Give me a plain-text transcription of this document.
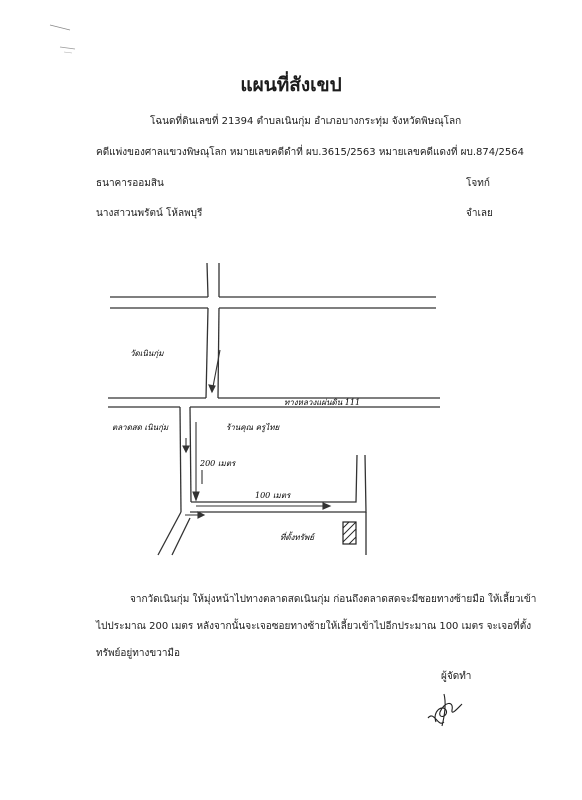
แผนที่สังเขป
โฉนดที่ดินเลขที่ 21394 ตำบลเนินกุ่ม อำเภอบางกระทุ่ม จังหวัดพิษณุโลก
คดีแพ่งของศาลแขวงพิษณุโลก หมายเลขคดีดำที่ ผบ.3615/2563 หมายเลขคดีแดงที่ ผบ.874/2564
ธนาคารออมสิน	โจทก์
นางสาวนพรัตน์ โห้ลพบุรี	จำเลย
วัดเนินกุ่ม
ทางหลวงแผ่นดิน 111
ตลาดสด เนินกุ่ม	ร้านคุณ ครูไทย
200 เมตร
100 เมตร
ที่ตั้งทรัพย์
จากวัดเนินกุ่ม ให้มุ่งหน้าไปทางตลาดสดเนินกุ่ม ก่อนถึงตลาดสดจะมีซอยทางซ้ายมือ ให้เลี้ยวเข้า
ไปประมาณ 200 เมตร หลังจากนั้นจะเจอซอยทางซ้ายให้เลี้ยวเข้าไปอีกประมาณ 100 เมตร จะเจอที่ตั้ง
ทรัพย์อยู่ทางขวามือ
ผู้จัดทำ
